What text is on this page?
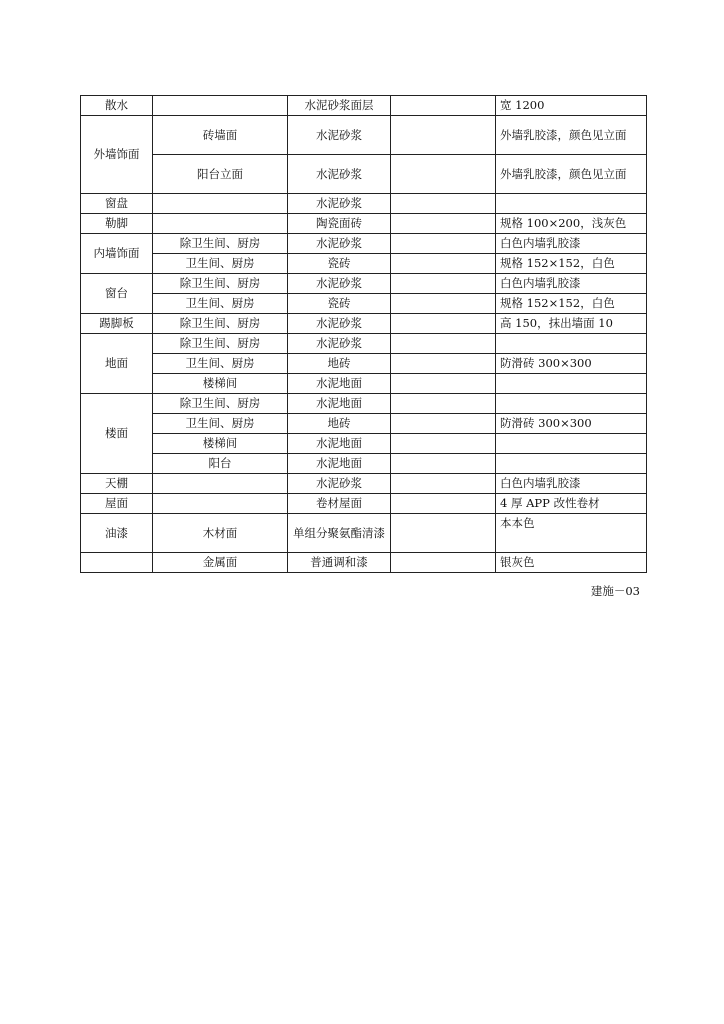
散水		水泥砂浆面层		宽 1200
外墙饰面	砖墙面	水泥砂浆		外墙乳胶漆，颜色见立面
	阳台立面	水泥砂浆		外墙乳胶漆，颜色见立面
窗盘		水泥砂浆		
勒脚		陶瓷面砖		规格 100×200，浅灰色
内墙饰面	除卫生间、厨房	水泥砂浆		白色内墙乳胶漆
	卫生间、厨房	瓷砖		规格 152×152，白色
窗台	除卫生间、厨房	水泥砂浆		白色内墙乳胶漆
	卫生间、厨房	瓷砖		规格 152×152，白色
踢脚板	除卫生间、厨房	水泥砂浆		高 150，抹出墙面 10
地面	除卫生间、厨房	水泥砂浆		
	卫生间、厨房	地砖		防滑砖 300×300
	楼梯间	水泥地面		
楼面	除卫生间、厨房	水泥地面		
	卫生间、厨房	地砖		防滑砖 300×300
	楼梯间	水泥地面		
	阳台	水泥地面		
天棚		水泥砂浆		白色内墙乳胶漆
屋面		卷材屋面		4 厚 APP 改性卷材
油漆	木材面	单组分聚氨酯清漆		本本色
	金属面	普通调和漆		银灰色
建施－03
